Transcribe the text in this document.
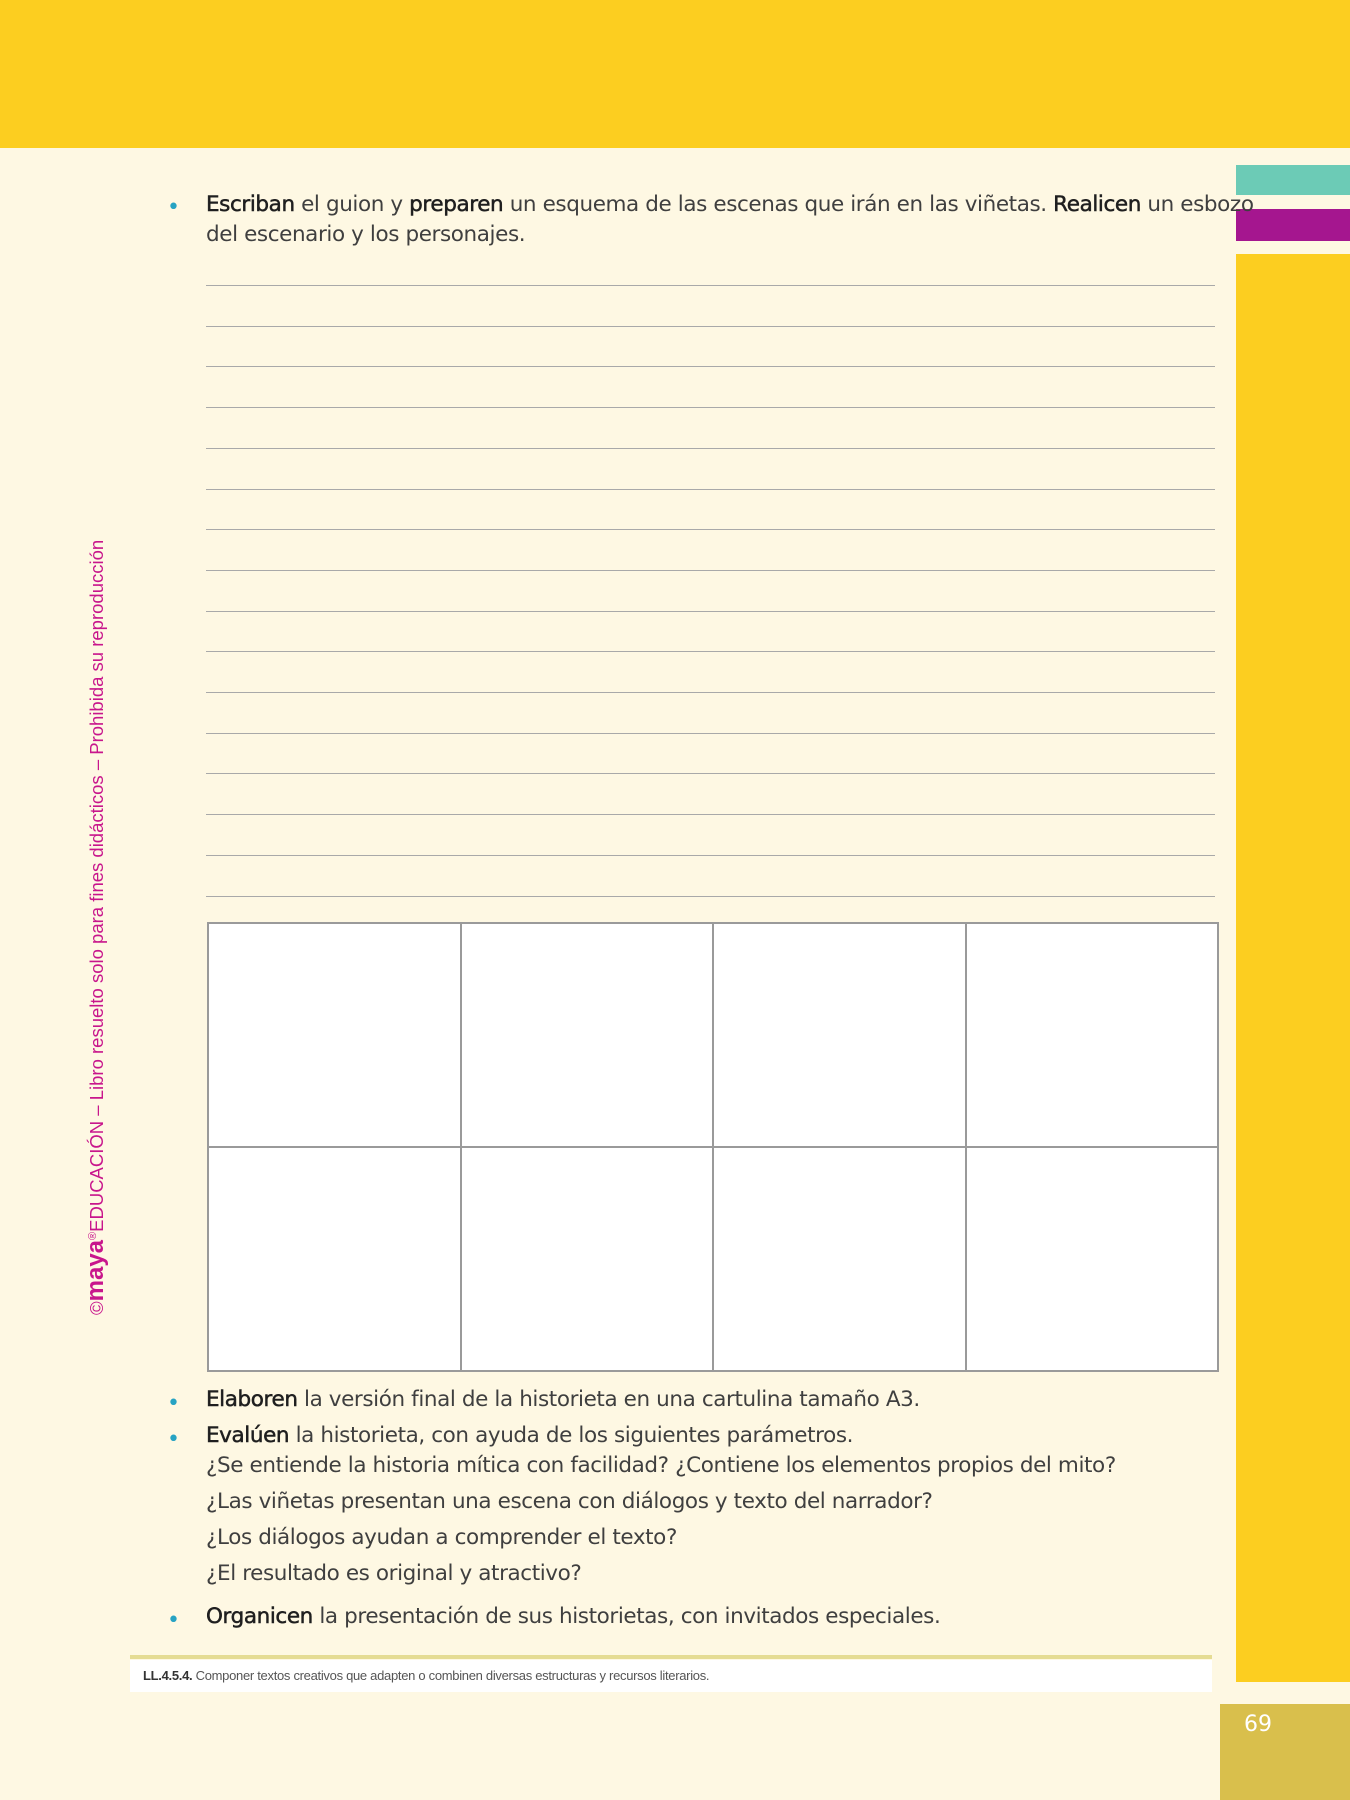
©maya®EDUCACIÓN – Libro resuelto solo para fines didácticos – Prohibida su reproducción
•
Escriban el guion y preparen un esquema de las escenas que irán en las viñetas. Realicen un esbozo
del escenario y los personajes.
•
Elaboren la versión final de la historieta en una cartulina tamaño A3.
•
Evalúen la historieta, con ayuda de los siguientes parámetros.
¿Se entiende la historia mítica con facilidad? ¿Contiene los elementos propios del mito?
¿Las viñetas presentan una escena con diálogos y texto del narrador?
¿Los diálogos ayudan a comprender el texto?
¿El resultado es original y atractivo?
•
Organicen la presentación de sus historietas, con invitados especiales.
LL.4.5.4. Componer textos creativos que adapten o combinen diversas estructuras y recursos literarios.
69
